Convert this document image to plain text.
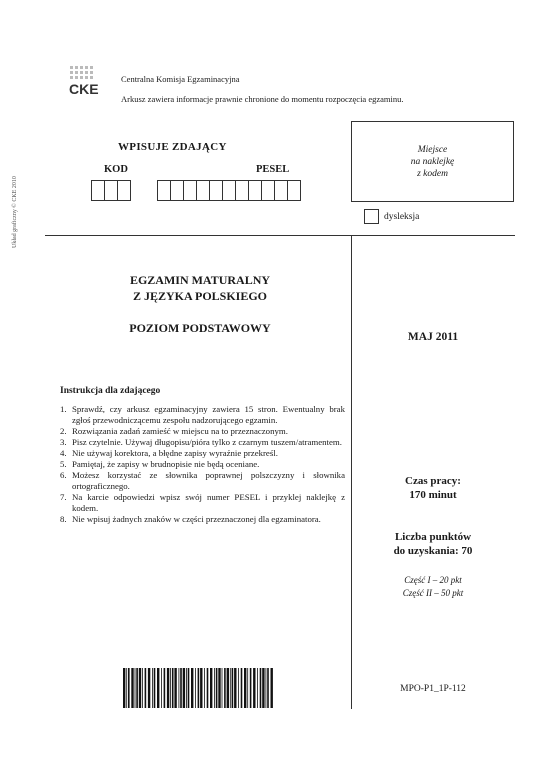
CKE
Centralna Komisja Egzaminacyjna
Arkusz zawiera informacje prawnie chronione do momentu rozpoczęcia egzaminu.
Układ graficzny © CKE 2010
WPISUJE ZDAJĄCY
KOD	PESEL
Miejsce
na naklejkę
z kodem
dysleksja
EGZAMIN MATURALNY
Z JĘZYKA POLSKIEGO
POZIOM PODSTAWOWY
MAJ 2011
Instrukcja dla zdającego
1. Sprawdź, czy arkusz egzaminacyjny zawiera 15 stron. Ewentualny brak zgłoś przewodniczącemu zespołu nadzorującego egzamin.
2. Rozwiązania zadań zamieść w miejscu na to przeznaczonym.
3. Pisz czytelnie. Używaj długopisu/pióra tylko z czarnym tuszem/atramentem.
4. Nie używaj korektora, a błędne zapisy wyraźnie przekreśl.
5. Pamiętaj, że zapisy w brudnopisie nie będą oceniane.
6. Możesz korzystać ze słownika poprawnej polszczyzny i słownika ortograficznego.
7. Na karcie odpowiedzi wpisz swój numer PESEL i przyklej naklejkę z kodem.
8. Nie wpisuj żadnych znaków w części przeznaczonej dla egzaminatora.
Czas pracy:
170 minut
Liczba punktów
do uzyskania: 70
Część I – 20 pkt
Część II – 50 pkt
MPO-P1_1P-112
